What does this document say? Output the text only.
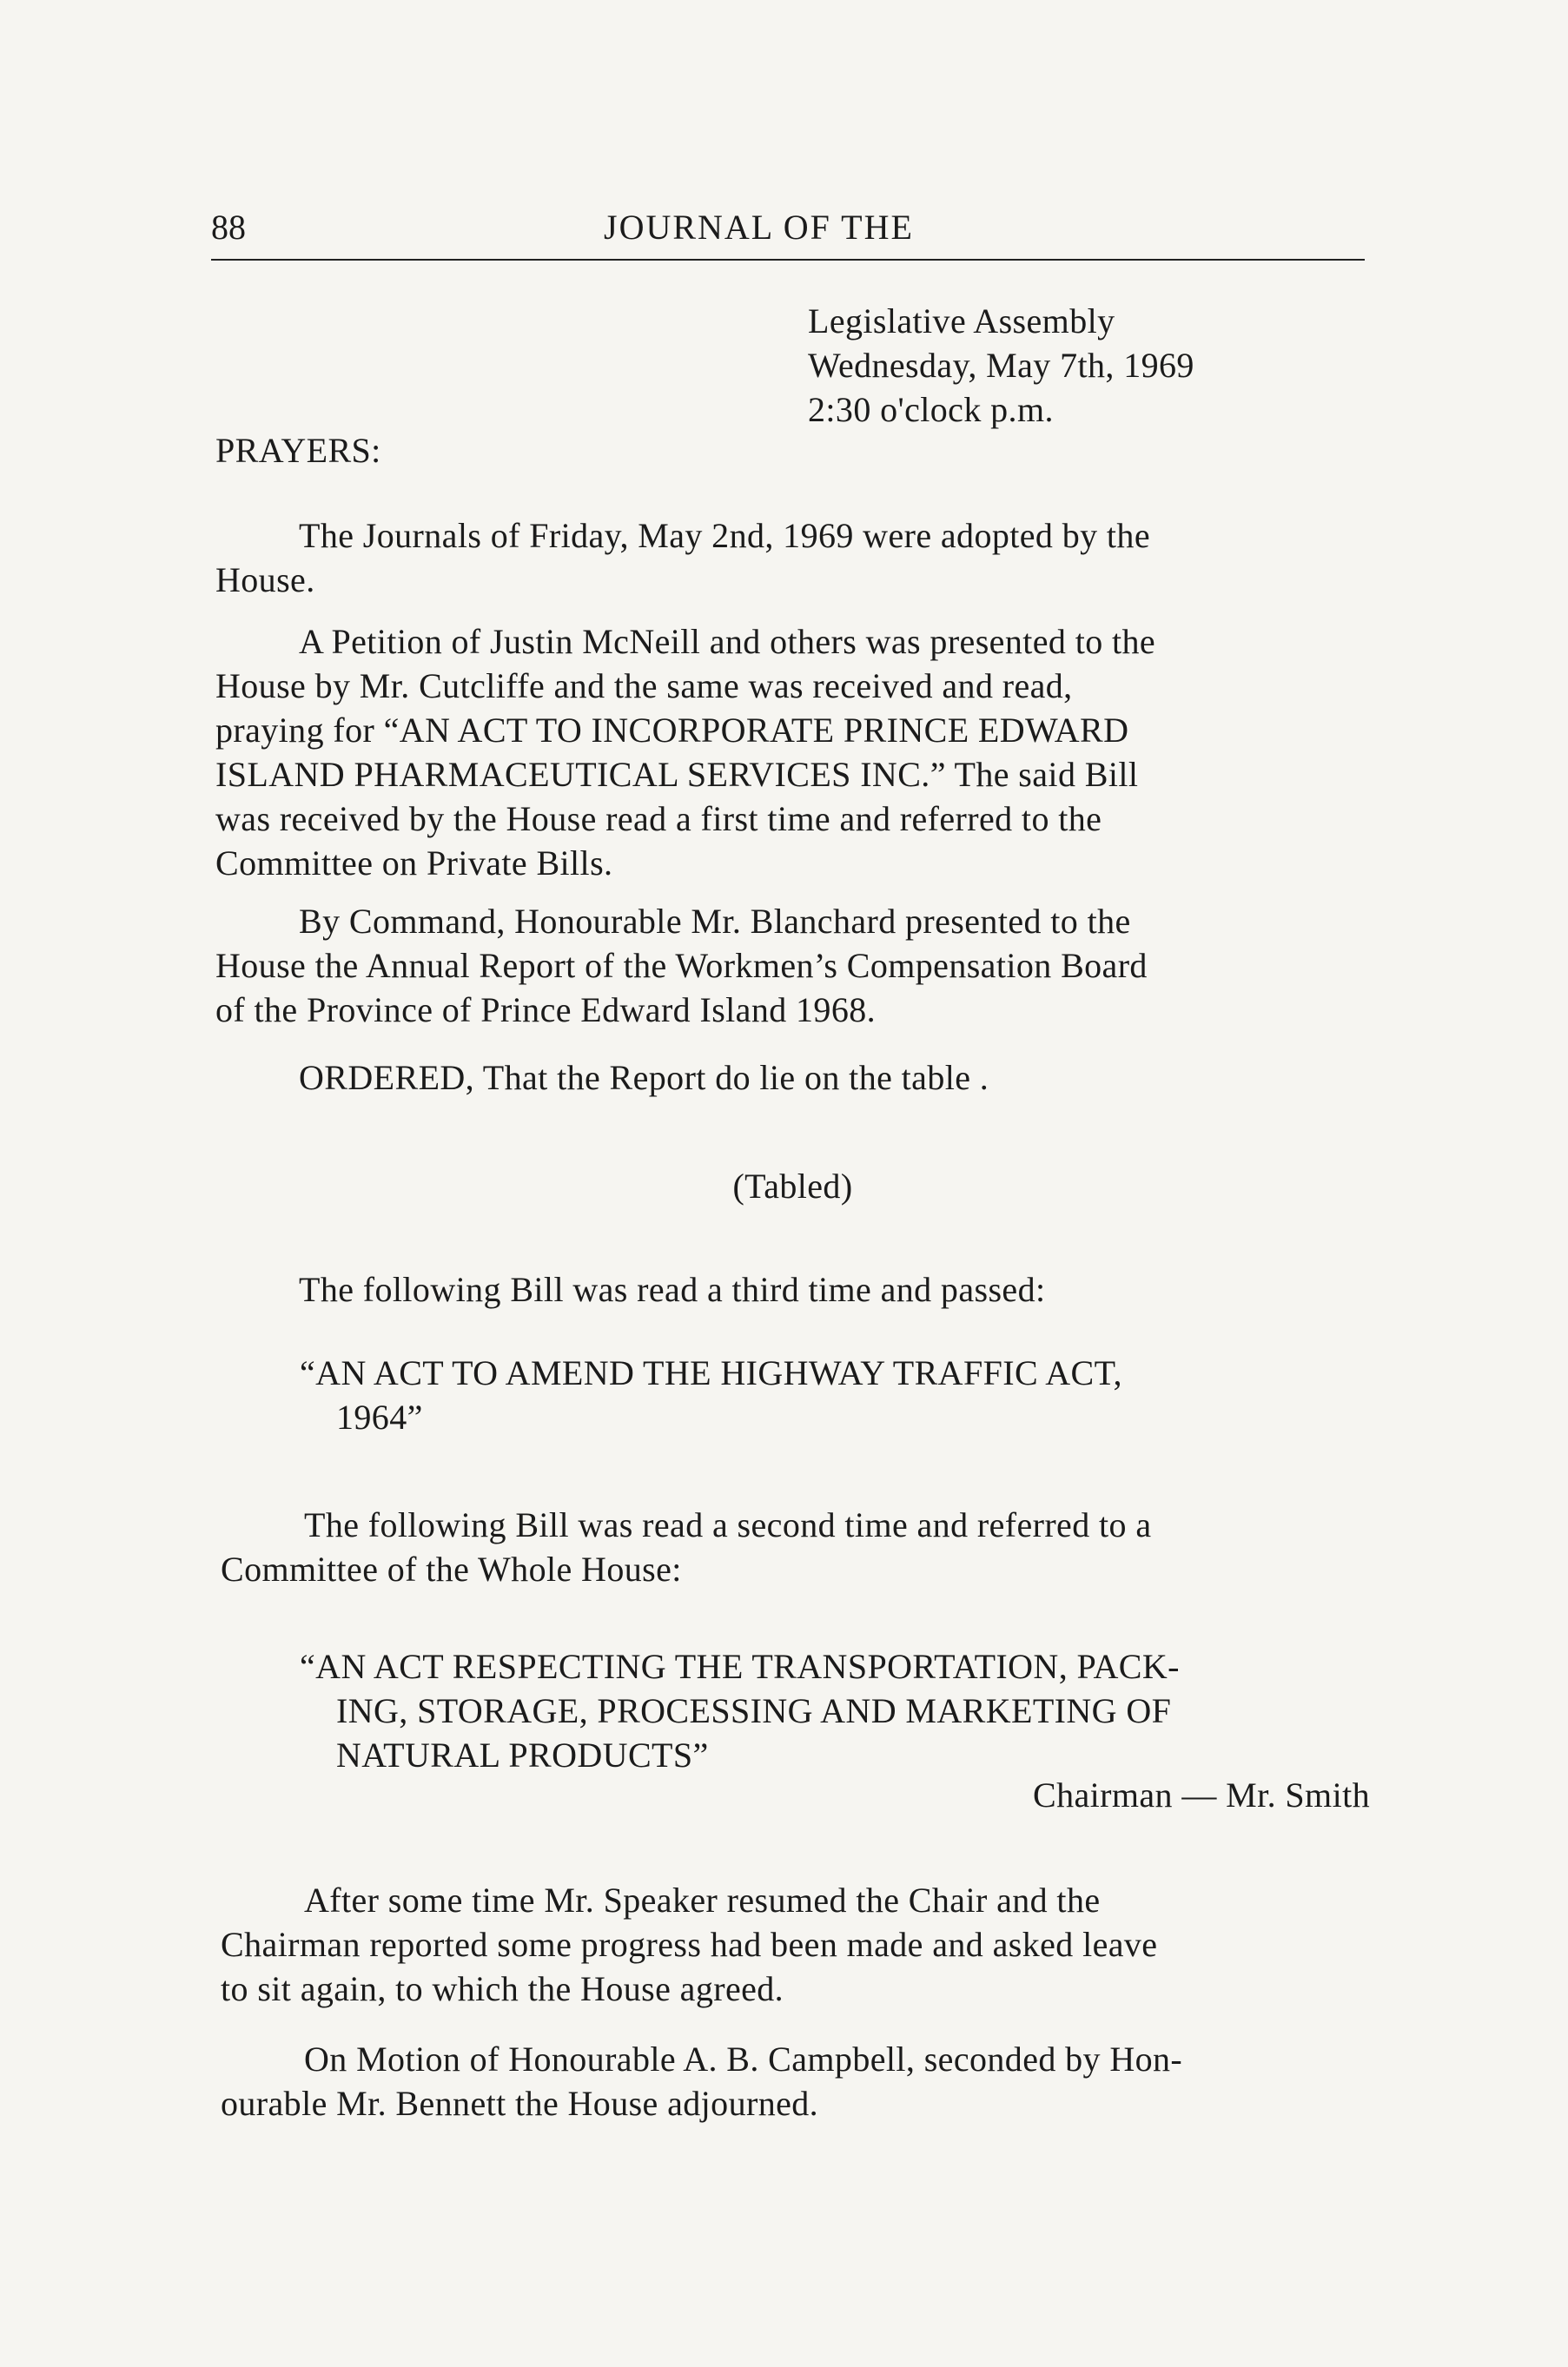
88	JOURNAL OF THE
Legislative Assembly
Wednesday, May 7th, 1969
2:30 o'clock p.m.
PRAYERS:
The Journals of Friday, May 2nd, 1969 were adopted by the
House.
A Petition of Justin McNeill and others was presented to the
House by Mr. Cutcliffe and the same was received and read,
praying for “AN ACT TO INCORPORATE PRINCE EDWARD
ISLAND PHARMACEUTICAL SERVICES INC.” The said Bill
was received by the House read a first time and referred to the
Committee on Private Bills.
By Command, Honourable Mr. Blanchard presented to the
House the Annual Report of the Workmen’s Compensation Board
of the Province of Prince Edward Island 1968.
ORDERED, That the Report do lie on the table .
(Tabled)
The following Bill was read a third time and passed:
“AN ACT TO AMEND THE HIGHWAY TRAFFIC ACT,
1964”
The following Bill was read a second time and referred to a
Committee of the Whole House:
“AN ACT RESPECTING THE TRANSPORTATION, PACK-
ING, STORAGE, PROCESSING AND MARKETING OF
NATURAL PRODUCTS”
Chairman — Mr. Smith
After some time Mr. Speaker resumed the Chair and the
Chairman reported some progress had been made and asked leave
to sit again, to which the House agreed.
On Motion of Honourable A. B. Campbell, seconded by Hon-
ourable Mr. Bennett the House adjourned.
